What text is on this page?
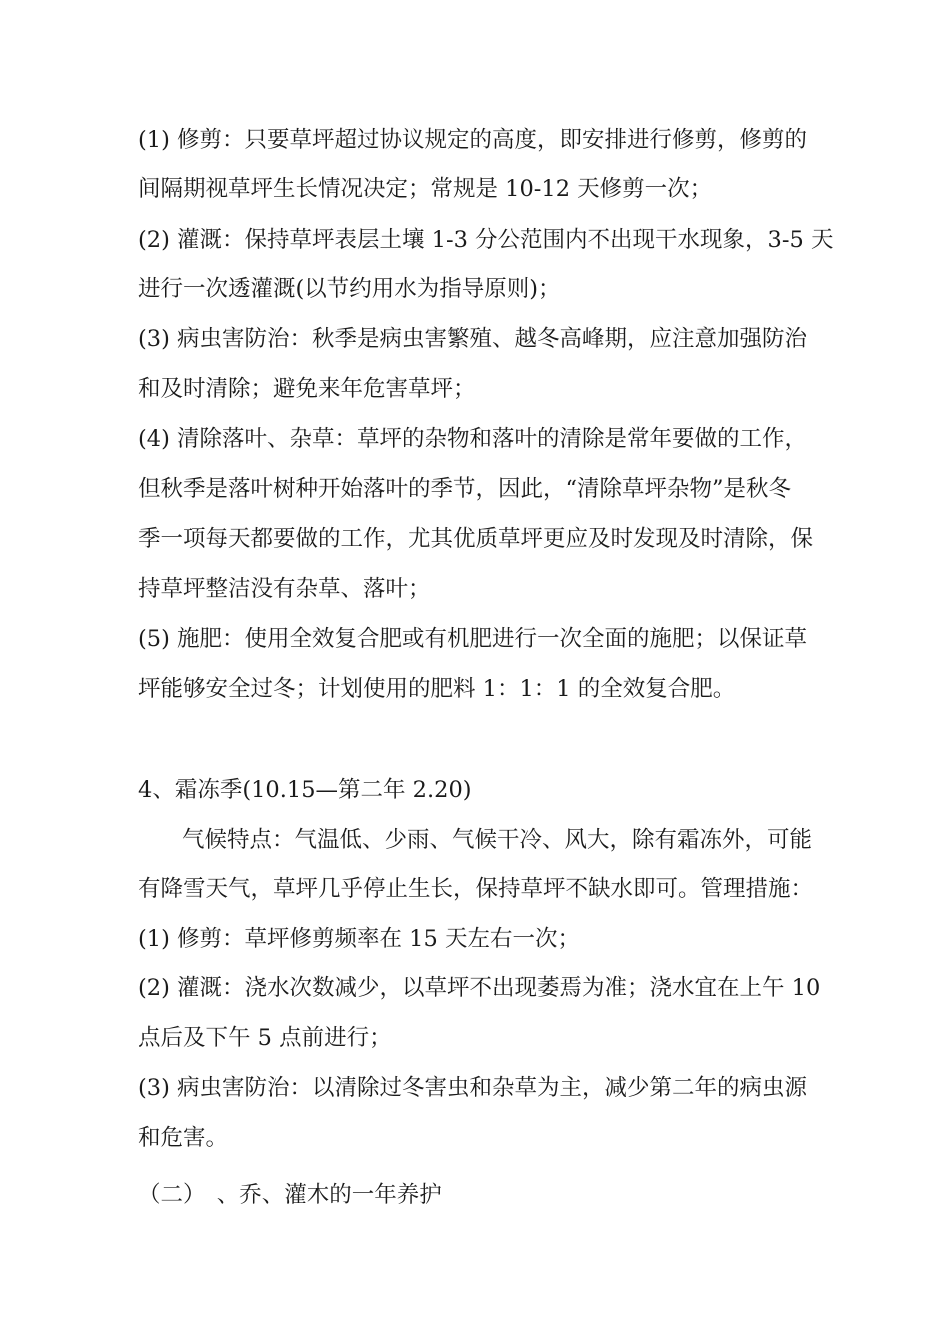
(1) 修剪：只要草坪超过协议规定的高度，即安排进行修剪，修剪的
间隔期视草坪生长情况决定；常规是 10-12 天修剪一次；
(2) 灌溉：保持草坪表层土壤 1-3 分公范围内不出现干水现象，3-5 天
进行一次透灌溉(以节约用水为指导原则)；
(3) 病虫害防治：秋季是病虫害繁殖、越冬高峰期，应注意加强防治
和及时清除；避免来年危害草坪；
(4) 清除落叶、杂草：草坪的杂物和落叶的清除是常年要做的工作，
但秋季是落叶树种开始落叶的季节，因此，“清除草坪杂物”是秋冬
季一项每天都要做的工作，尤其优质草坪更应及时发现及时清除，保
持草坪整洁没有杂草、落叶；
(5) 施肥：使用全效复合肥或有机肥进行一次全面的施肥；以保证草
坪能够安全过冬；计划使用的肥料 1：1：1 的全效复合肥。
4、霜冻季(10.15—第二年 2.20)
气候特点：气温低、少雨、气候干冷、风大，除有霜冻外，可能
有降雪天气，草坪几乎停止生长，保持草坪不缺水即可。管理措施：
(1) 修剪：草坪修剪频率在 15 天左右一次；
(2) 灌溉：浇水次数减少，以草坪不出现萎焉为准；浇水宜在上午 10
点后及下午 5 点前进行；
(3) 病虫害防治：以清除过冬害虫和杂草为主，减少第二年的病虫源
和危害。
（二）　、乔、灌木的一年养护
